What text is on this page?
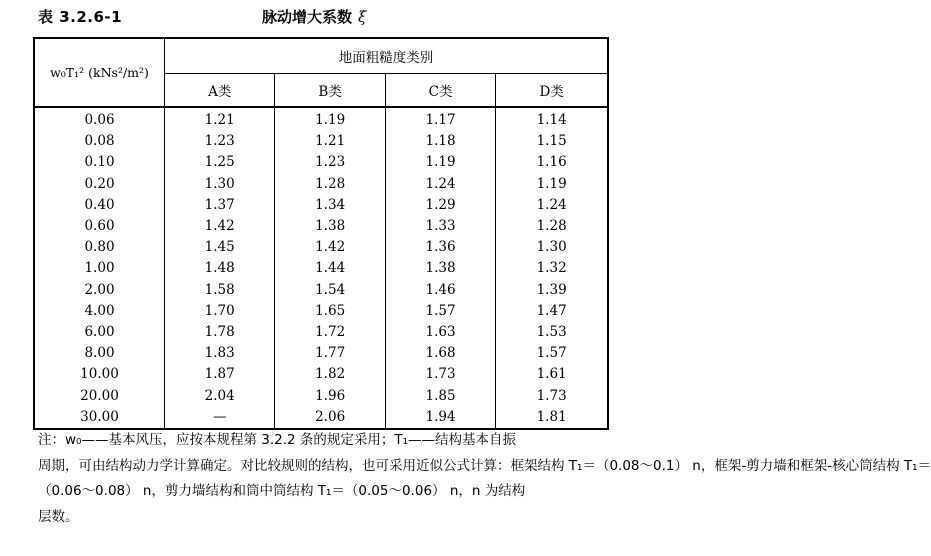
表 3.2.6-1	脉动增大系数 ξ
w₀T₁² (kNs²/m²)	地面粗糙度类别			
	A类	B类	C类	D类
0.06	1.21	1.19	1.17	1.14
0.08	1.23	1.21	1.18	1.15
0.10	1.25	1.23	1.19	1.16
0.20	1.30	1.28	1.24	1.19
0.40	1.37	1.34	1.29	1.24
0.60	1.42	1.38	1.33	1.28
0.80	1.45	1.42	1.36	1.30
1.00	1.48	1.44	1.38	1.32
2.00	1.58	1.54	1.46	1.39
4.00	1.70	1.65	1.57	1.47
6.00	1.78	1.72	1.63	1.53
8.00	1.83	1.77	1.68	1.57
10.00	1.87	1.82	1.73	1.61
20.00	2.04	1.96	1.85	1.73
30.00	—	2.06	1.94	1.81
注：w₀——基本风压，应按本规程第 3.2.2 条的规定采用；T₁——结构基本自振
周期，可由结构动力学计算确定。对比较规则的结构，也可采用近似公式计算：框架结构 T₁＝（0.08～0.1） n，框架-剪力墙和框架-核心筒结构 T₁＝
（0.06～0.08） n，剪力墙结构和筒中筒结构 T₁＝（0.05～0.06） n，n 为结构
层数。
